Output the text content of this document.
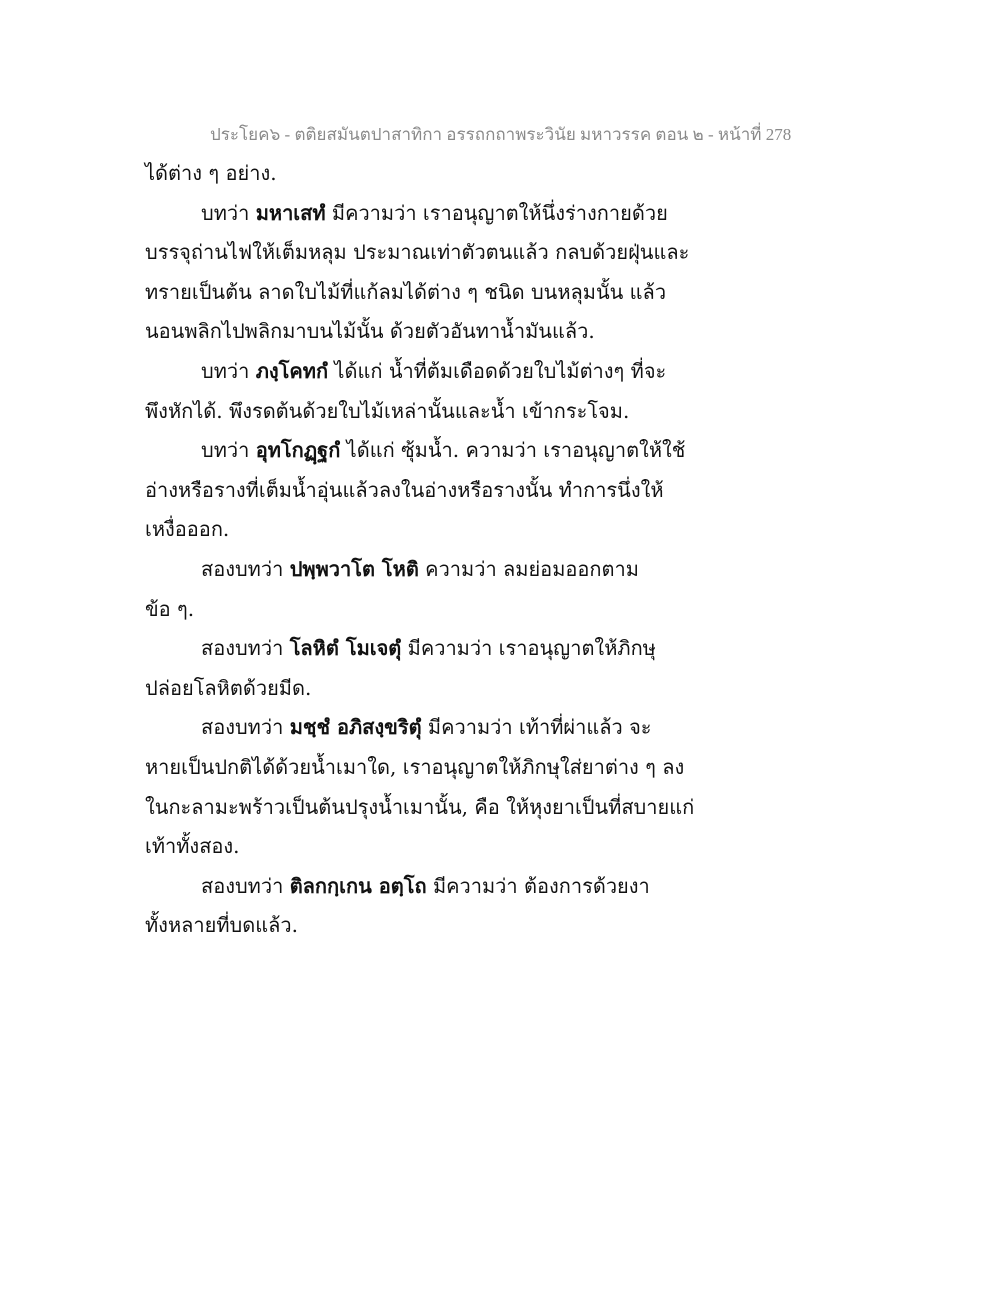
ประโยค๖ - ตติยสมันตปาสาทิกา อรรถกถาพระวินัย มหาวรรค ตอน ๒ - หน้าที่ 278
ได้ต่าง ๆ อย่าง.
บทว่า มหาเสทํ มีความว่า เราอนุญาตให้นึ่งร่างกายด้วย
บรรจุถ่านไฟให้เต็มหลุม ประมาณเท่าตัวตนแล้ว กลบด้วยฝุ่นและ
ทรายเป็นต้น ลาดใบไม้ที่แก้ลมได้ต่าง ๆ ชนิด บนหลุมนั้น แล้ว
นอนพลิกไปพลิกมาบนไม้นั้น ด้วยตัวอันทาน้ำมันแล้ว.
บทว่า ภงฺโคทกํ ได้แก่ น้ำที่ต้มเดือดด้วยใบไม้ต่างๆ ที่จะ
พึงหักได้. พึงรดต้นด้วยใบไม้เหล่านั้นและน้ำ เข้ากระโจม.
บทว่า อุทโกฏฺฐกํ ได้แก่ ซุ้มน้ำ. ความว่า เราอนุญาตให้ใช้
อ่างหรือรางที่เต็มน้ำอุ่นแล้วลงในอ่างหรือรางนั้น ทำการนึ่งให้
เหงื่อออก.
สองบทว่า ปพฺพวาโต โหติ ความว่า ลมย่อมออกตาม
ข้อ ๆ.
สองบทว่า โลหิตํ โมเจตุํ มีความว่า เราอนุญาตให้ภิกษุ
ปล่อยโลหิตด้วยมีด.
สองบทว่า มชฺชํ อภิสงฺขริตุํ มีความว่า เท้าที่ผ่าแล้ว จะ
หายเป็นปกติได้ด้วยน้ำเมาใด, เราอนุญาตให้ภิกษุใส่ยาต่าง ๆ ลง
ในกะลามะพร้าวเป็นต้นปรุงน้ำเมานั้น, คือ ให้หุงยาเป็นที่สบายแก่
เท้าทั้งสอง.
สองบทว่า ติลกกฺเกน อตฺโถ มีความว่า ต้องการด้วยงา
ทั้งหลายที่บดแล้ว.
